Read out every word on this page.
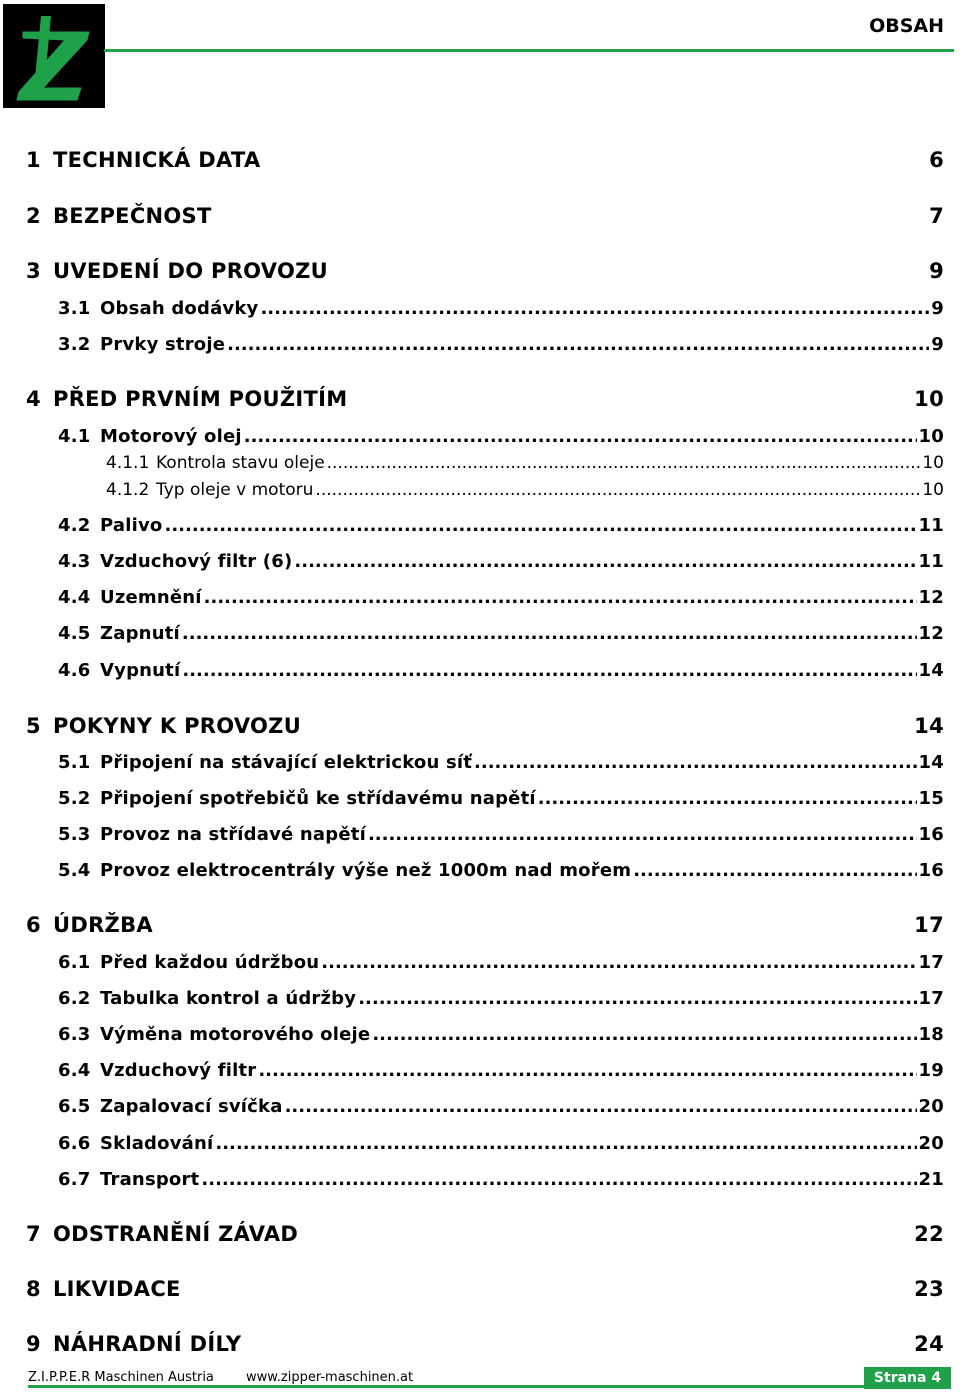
OBSAH
1 TECHNICKÁ DATA	6
2 BEZPEČNOST	7
3 UVEDENÍ DO PROVOZU	9
3.1 Obsah dodávky .....	9
3.2 Prvky stroje .....	9
4 PŘED PRVNÍM POUŽITÍM	10
4.1 Motorový olej .....	10
4.1.1 Kontrola stavu oleje .....	10
4.1.2 Typ oleje v motoru .....	10
4.2 Palivo .....	11
4.3 Vzduchový filtr (6) .....	11
4.4 Uzemnění .....	12
4.5 Zapnutí .....	12
4.6 Vypnutí .....	14
5 POKYNY K PROVOZU	14
5.1 Připojení na stávající elektrickou síť .....	14
5.2 Připojení spotřebičů ke střídavému napětí .....	15
5.3 Provoz na střídavé napětí .....	16
5.4 Provoz elektrocentrály výše než 1000m nad mořem .....	16
6 ÚDRŽBA	17
6.1 Před každou údržbou .....	17
6.2 Tabulka kontrol a údržby .....	17
6.3 Výměna motorového oleje .....	18
6.4 Vzduchový filtr .....	19
6.5 Zapalovací svíčka .....	20
6.6 Skladování .....	20
6.7 Transport .....	21
7 ODSTRANĚNÍ ZÁVAD	22
8 LIKVIDACE	23
9 NÁHRADNÍ DÍLY	24
Z.I.P.P.E.R Maschinen Austria www.zipper-maschinen.at	Strana 4
